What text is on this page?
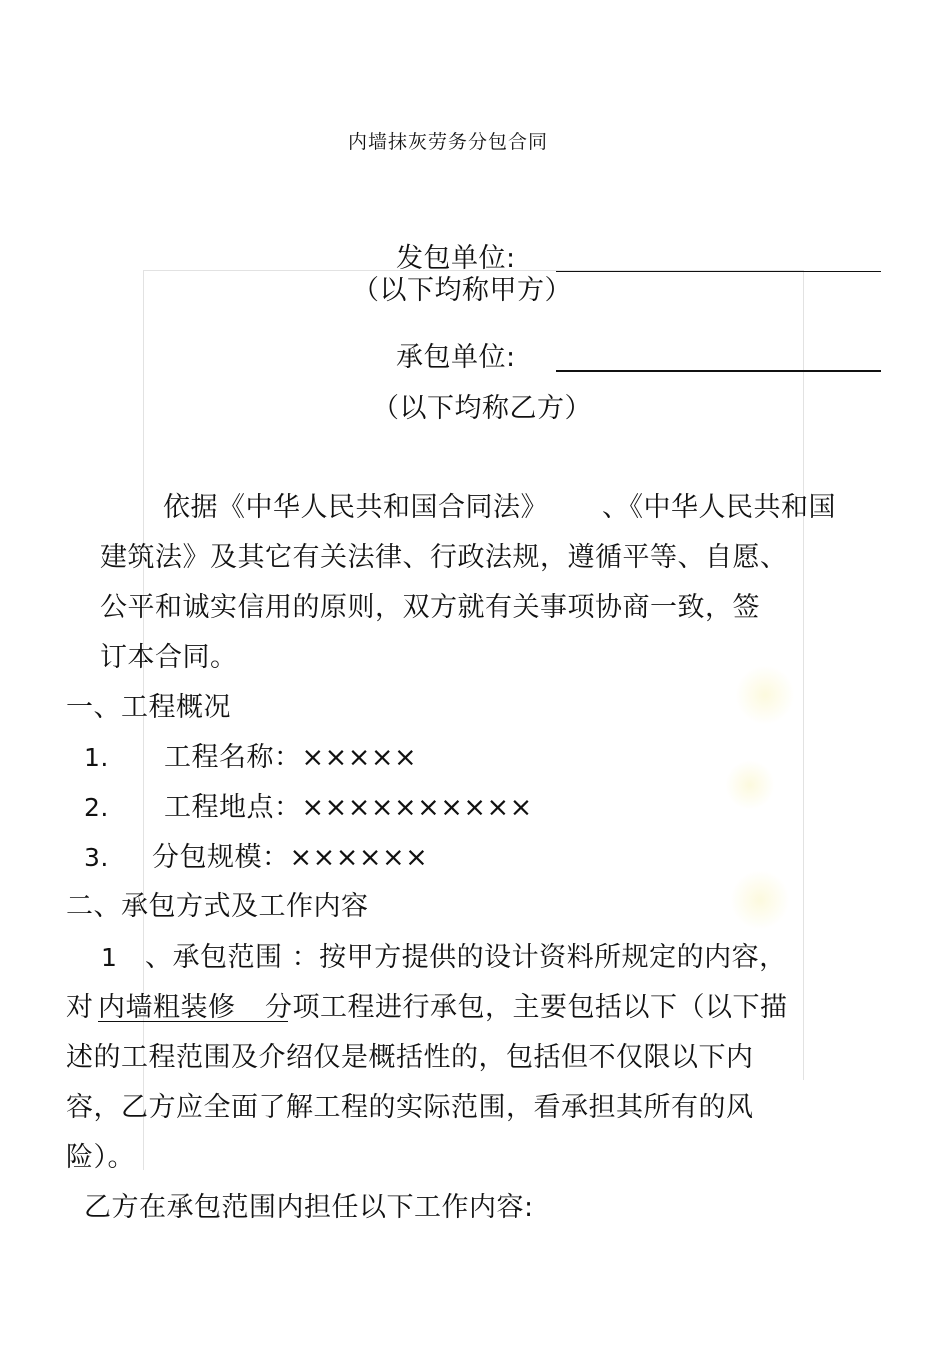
内墙抹灰劳务分包合同
发包单位:
（以下均称甲方）
承包单位:
（以下均称乙方）
依据《中华人民共和国合同法》 、《中华人民共和国
建筑法》及其它有关法律、行政法规，遵循平等、自愿、
公平和诚实信用的原则，双方就有关事项协商一致，签
订本合同。
一、工程概况
1. 工程名称：×××××
2. 工程地点：××××××××××
3. 分包规模：××××××
二、承包方式及工作内容
1 、承包范围 ：按甲方提供的设计资料所规定的内容，
对 内墙粗装修 分项工程进行承包，主要包括以下（以下描
述的工程范围及介绍仅是概括性的，包括但不仅限以下内
容，乙方应全面了解工程的实际范围，看承担其所有的风
险）。
乙方在承包范围内担任以下工作内容:
